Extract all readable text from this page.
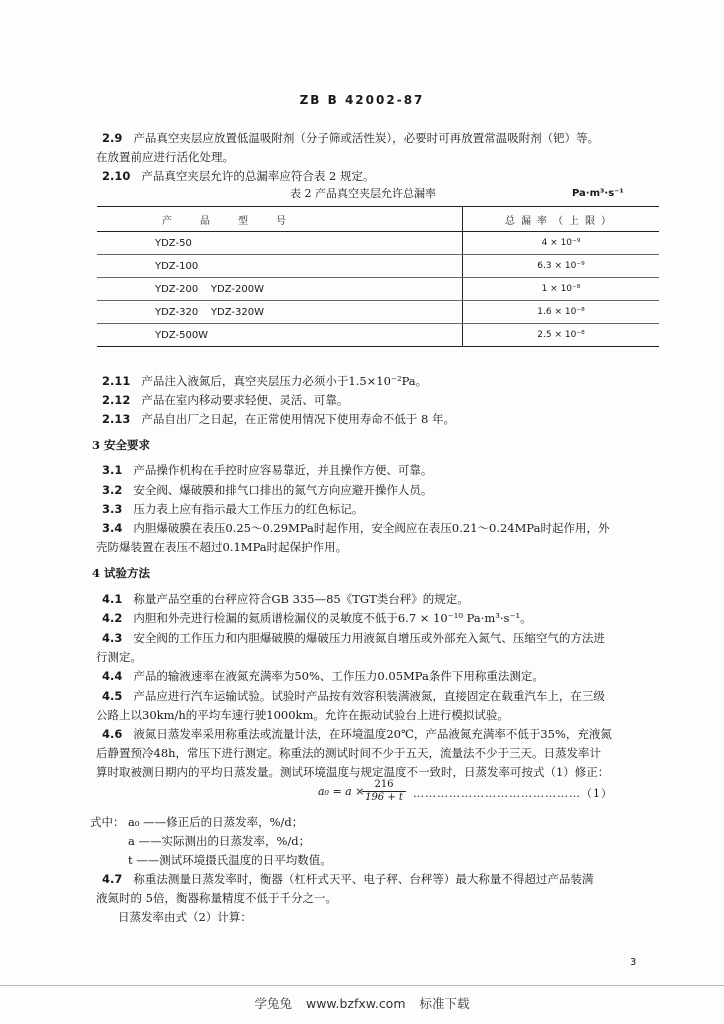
ZB B 42002-87
2.9 产品真空夹层应放置低温吸附剂（分子筛或活性炭），必要时可再放置常温吸附剂（钯）等。
在放置前应进行活化处理。
2.10 产品真空夹层允许的总漏率应符合表 2 规定。
表 2 产品真空夹层允许总漏率	Pa·m³·s⁻¹
产品型号	总漏率（上限）
YDZ-50	4 × 10⁻⁹
YDZ-100	6.3 × 10⁻⁹
YDZ-200    YDZ-200W	1 × 10⁻⁸
YDZ-320    YDZ-320W	1.6 × 10⁻⁸
YDZ-500W	2.5 × 10⁻⁸
2.11 产品注入液氮后，真空夹层压力必须小于1.5×10⁻²Pa。
2.12 产品在室内移动要求轻便、灵活、可靠。
2.13 产品自出厂之日起，在正常使用情况下使用寿命不低于 8 年。
3 安全要求
3.1 产品操作机构在手控时应容易靠近，并且操作方便、可靠。
3.2 安全阀、爆破膜和排气口排出的氮气方向应避开操作人员。
3.3 压力表上应有指示最大工作压力的红色标记。
3.4 内胆爆破膜在表压0.25～0.29MPa时起作用，安全阀应在表压0.21～0.24MPa时起作用，外
壳防爆装置在表压不超过0.1MPa时起保护作用。
4 试验方法
4.1 称量产品空重的台秤应符合GB 335—85《TGT类台秤》的规定。
4.2 内胆和外壳进行检漏的氦质谱检漏仪的灵敏度不低于6.7 × 10⁻¹⁰ Pa·m³·s⁻¹。
4.3 安全阀的工作压力和内胆爆破膜的爆破压力用液氮自增压或外部充入氮气、压缩空气的方法进
行测定。
4.4 产品的输液速率在液氮充满率为50%、工作压力0.05MPa条件下用称重法测定。
4.5 产品应进行汽车运输试验。试验时产品按有效容积装满液氮，直接固定在载重汽车上，在三级
公路上以30km/h的平均车速行驶1000km。允许在振动试验台上进行模拟试验。
4.6 液氮日蒸发率采用称重法或流量计法，在环境温度20℃，产品液氮充满率不低于35%，充液氮
后静置预冷48h，常压下进行测定。称重法的测试时间不少于五天，流量法不少于三天。日蒸发率计
算时取被测日期内的平均日蒸发量。测试环境温度与规定温度不一致时，日蒸发率可按式（1）修正：
a₀ = a ×
$\frac{216}{196 + t}$ ……………………………………（1）
式中： a₀ ——修正后的日蒸发率，%/d；
a ——实际测出的日蒸发率，%/d；
t ——测试环境摄氏温度的日平均数值。
4.7 称重法测量日蒸发率时，衡器（杠杆式天平、电子秤、台秤等）最大称量不得超过产品装满
液氮时的 5倍，衡器称量精度不低于千分之一。
日蒸发率由式（2）计算：
3
学兔兔 www.bzfxw.com 标准下载
